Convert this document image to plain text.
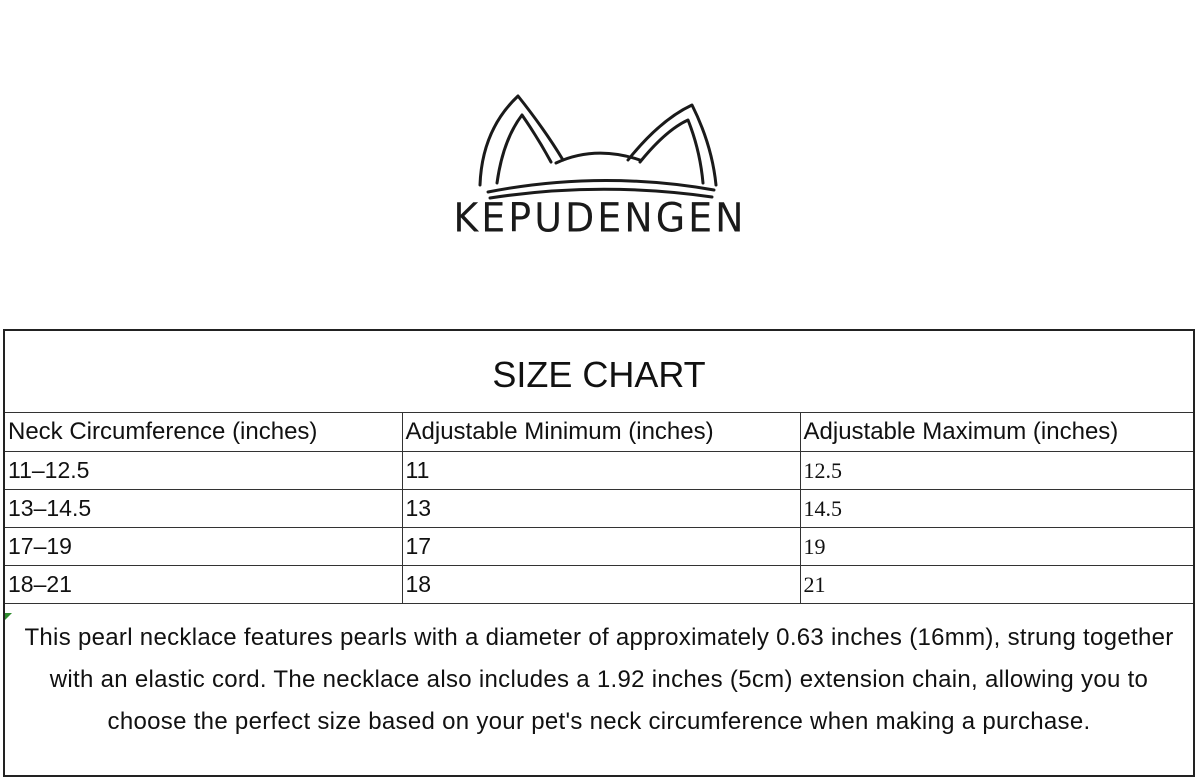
KEPUDENGEN
SIZE CHART
Neck Circumference (inches)	Adjustable Minimum (inches)	Adjustable Maximum (inches)
11–12.5	11	12.5
13–14.5	13	14.5
17–19	17	19
18–21	18	21
This pearl necklace features pearls with a diameter of approximately 0.63 inches (16mm), strung together with an elastic cord. The necklace also includes a 1.92 inches (5cm) extension chain, allowing you to choose the perfect size based on your pet's neck circumference when making a purchase.
